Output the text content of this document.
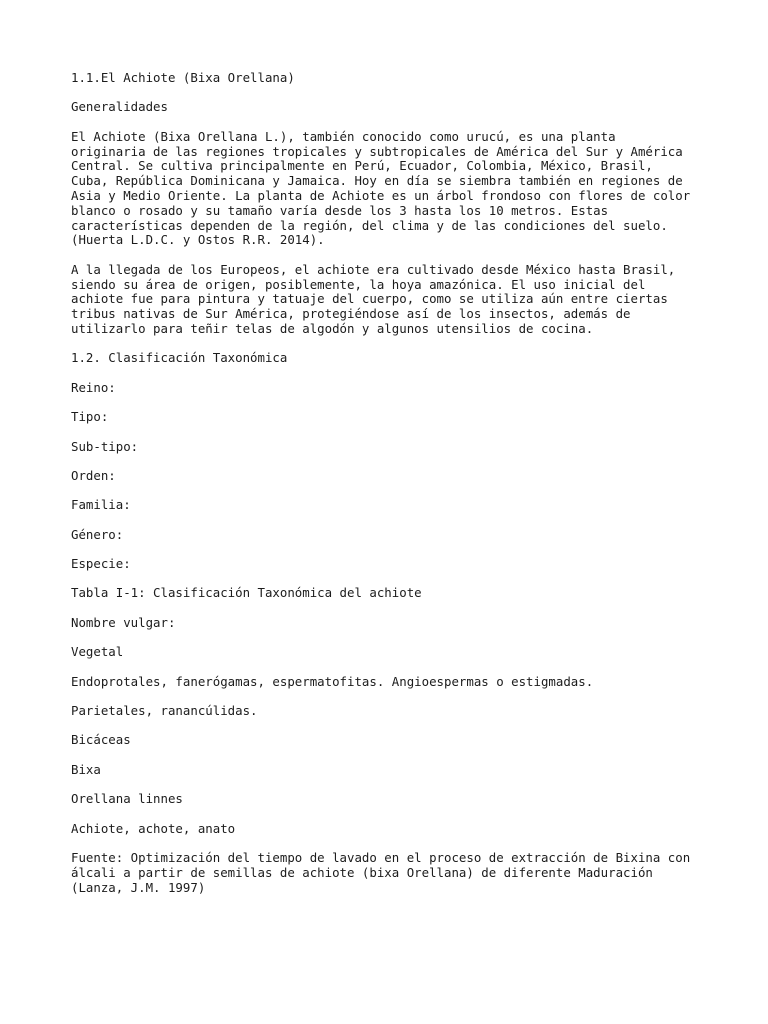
1.1.El Achiote (Bixa Orellana)

Generalidades

El Achiote (Bixa Orellana L.), también conocido como urucú, es una planta
originaria de las regiones tropicales y subtropicales de América del Sur y América
Central. Se cultiva principalmente en Perú, Ecuador, Colombia, México, Brasil,
Cuba, República Dominicana y Jamaica. Hoy en día se siembra también en regiones de
Asia y Medio Oriente. La planta de Achiote es un árbol frondoso con flores de color
blanco o rosado y su tamaño varía desde los 3 hasta los 10 metros. Estas
características dependen de la región, del clima y de las condiciones del suelo.
(Huerta L.D.C. y Ostos R.R. 2014).
A la llegada de los Europeos, el achiote era cultivado desde México hasta Brasil,
siendo su área de origen, posiblemente, la hoya amazónica. El uso inicial del
achiote fue para pintura y tatuaje del cuerpo, como se utiliza aún entre ciertas
tribus nativas de Sur América, protegiéndose así de los insectos, además de
utilizarlo para teñir telas de algodón y algunos utensilios de cocina.

1.2. Clasificación Taxonómica

Reino:

Tipo:

Sub-tipo:

Orden:

Familia:

Género:

Especie:

Tabla I-1: Clasificación Taxonómica del achiote

Nombre vulgar:

Vegetal

Endoprotales, fanerógamas, espermatofitas. Angioespermas o estigmadas.

Parietales, ranancúlidas.

Bicáceas

Bixa

Orellana linnes

Achiote, achote, anato

Fuente: Optimización del tiempo de lavado en el proceso de extracción de Bixina con
álcali a partir de semillas de achiote (bixa Orellana) de diferente Maduración
(Lanza, J.M. 1997)
